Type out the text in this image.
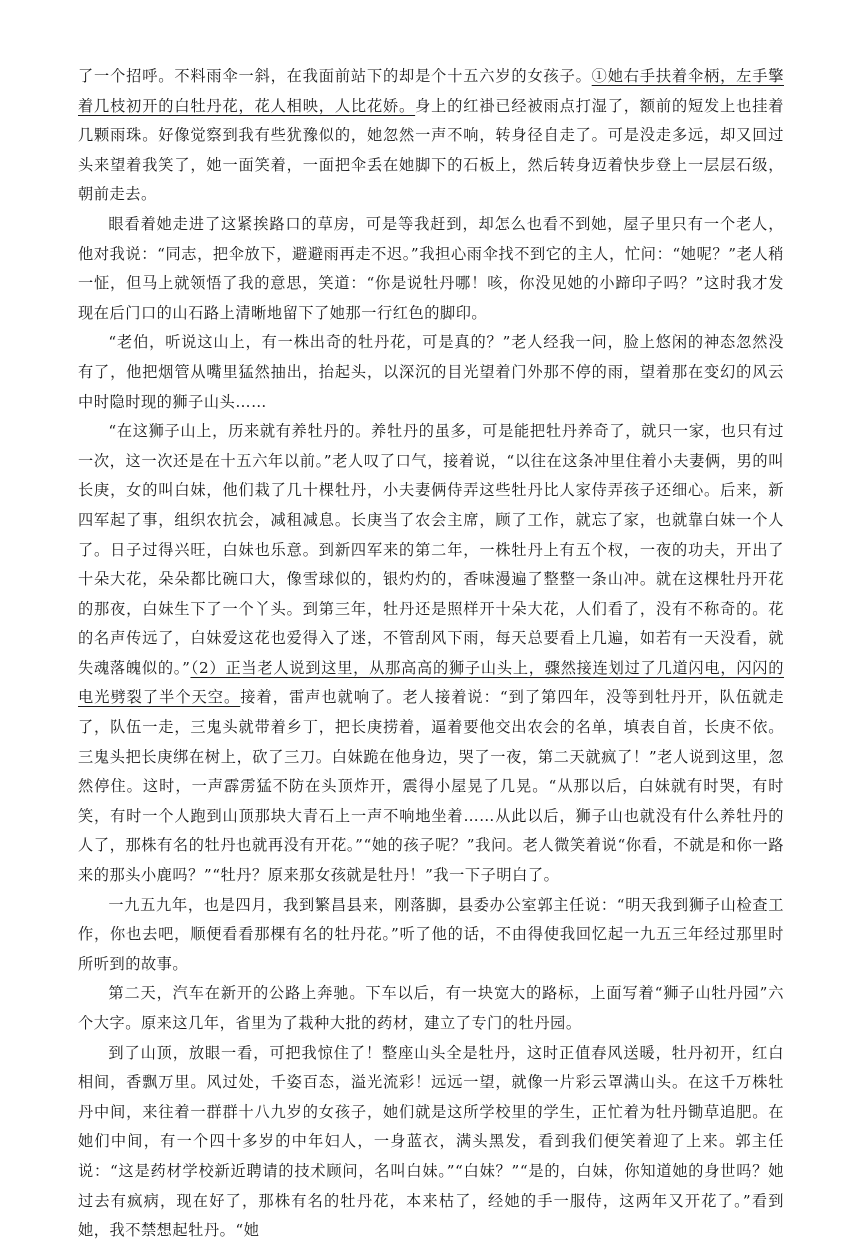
了一个招呼。不料雨伞一斜，在我面前站下的却是个十五六岁的女孩子。①她右手扶着伞柄，左手擎着几枝初开的白牡丹花，花人相映，人比花娇。身上的红褂已经被雨点打湿了，额前的短发上也挂着几颗雨珠。好像觉察到我有些犹豫似的，她忽然一声不响，转身径自走了。可是没走多远，却又回过头来望着我笑了，她一面笑着，一面把伞丢在她脚下的石板上，然后转身迈着快步登上一层层石级，朝前走去。

眼看着她走进了这紧挨路口的草房，可是等我赶到，却怎么也看不到她，屋子里只有一个老人，他对我说：“同志，把伞放下，避避雨再走不迟。”我担心雨伞找不到它的主人，忙问：“她呢？”老人稍一怔，但马上就领悟了我的意思，笑道：“你是说牡丹哪！咳，你没见她的小蹄印子吗？”这时我才发现在后门口的山石路上清晰地留下了她那一行红色的脚印。

“老伯，听说这山上，有一株出奇的牡丹花，可是真的？”老人经我一问，脸上悠闲的神态忽然没有了，他把烟管从嘴里猛然抽出，抬起头，以深沉的目光望着门外那不停的雨，望着那在变幻的风云中时隐时现的狮子山头……

“在这狮子山上，历来就有养牡丹的。养牡丹的虽多，可是能把牡丹养奇了，就只一家，也只有过一次，这一次还是在十五六年以前。”老人叹了口气，接着说，“以往在这条冲里住着小夫妻俩，男的叫长庚，女的叫白妹，他们栽了几十棵牡丹，小夫妻俩侍弄这些牡丹比人家侍弄孩子还细心。后来，新四军起了事，组织农抗会，减租减息。长庚当了农会主席，顾了工作，就忘了家，也就靠白妹一个人了。日子过得兴旺，白妹也乐意。到新四军来的第二年，一株牡丹上有五个杈，一夜的功夫，开出了十朵大花，朵朵都比碗口大，像雪球似的，银灼灼的，香味漫遍了整整一条山冲。就在这棵牡丹开花的那夜，白妹生下了一个丫头。到第三年，牡丹还是照样开十朵大花，人们看了，没有不称奇的。花的名声传远了，白妹爱这花也爱得入了迷，不管刮风下雨，每天总要看上几遍，如若有一天没看，就失魂落魄似的。”（2）正当老人说到这里，从那高高的狮子山头上，骤然接连划过了几道闪电，闪闪的电光劈裂了半个天空。接着，雷声也就响了。老人接着说：“到了第四年，没等到牡丹开，队伍就走了，队伍一走，三鬼头就带着乡丁，把长庚捞着，逼着要他交出农会的名单，填表自首，长庚不依。三鬼头把长庚绑在树上，砍了三刀。白妹跪在他身边，哭了一夜，第二天就疯了！”老人说到这里，忽然停住。这时，一声霹雳猛不防在头顶炸开，震得小屋晃了几晃。“从那以后，白妹就有时哭，有时笑，有时一个人跑到山顶那块大青石上一声不响地坐着……从此以后，狮子山也就没有什么养牡丹的人了，那株有名的牡丹也就再没有开花。”“她的孩子呢？”我问。老人微笑着说“你看，不就是和你一路来的那头小鹿吗？”“牡丹？原来那女孩就是牡丹！”我一下子明白了。

一九五九年，也是四月，我到繁昌县来，刚落脚，县委办公室郭主任说：“明天我到狮子山检查工作，你也去吧，顺便看看那棵有名的牡丹花。”听了他的话，不由得使我回忆起一九五三年经过那里时所听到的故事。

第二天，汽车在新开的公路上奔驰。下车以后，有一块宽大的路标，上面写着“狮子山牡丹园”六个大字。原来这几年，省里为了栽种大批的药材，建立了专门的牡丹园。

到了山顶，放眼一看，可把我惊住了！整座山头全是牡丹，这时正值春风送暖，牡丹初开，红白相间，香飘万里。风过处，千姿百态，溢光流彩！远远一望，就像一片彩云罩满山头。在这千万株牡丹中间，来往着一群群十八九岁的女孩子，她们就是这所学校里的学生，正忙着为牡丹锄草追肥。在她们中间，有一个四十多岁的中年妇人，一身蓝衣，满头黑发，看到我们便笑着迎了上来。郭主任说：“这是药材学校新近聘请的技术顾问，名叫白妹。”“白妹？”“是的，白妹，你知道她的身世吗？她过去有疯病，现在好了，那株有名的牡丹花，本来枯了，经她的手一服侍，这两年又开花了。”看到她，我不禁想起牡丹。“她
